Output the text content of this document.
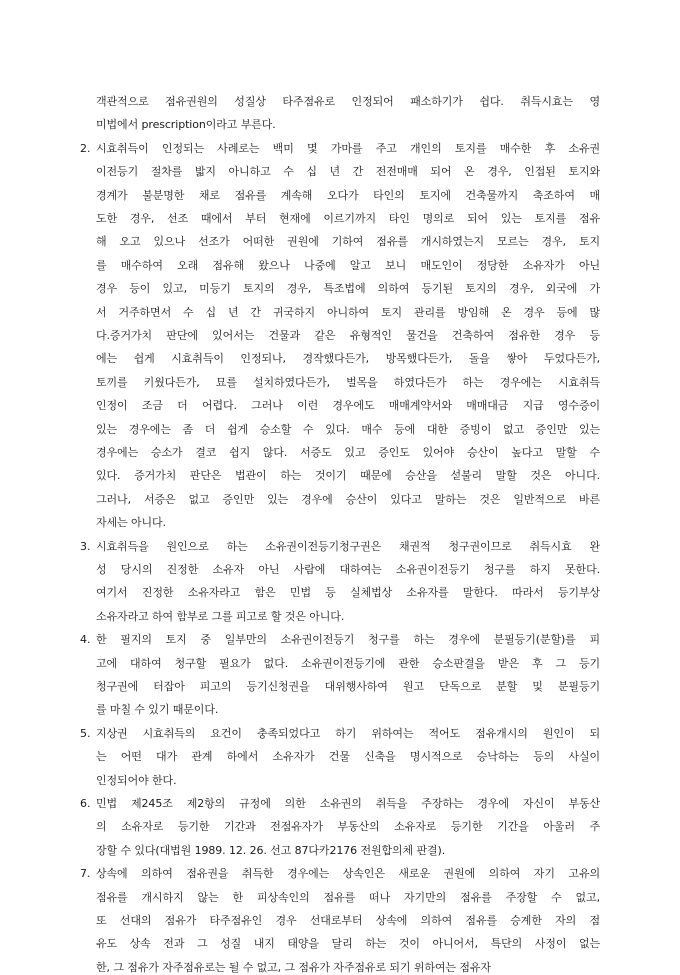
객관적으로 점유권원의 성질상 타주점유로 인정되어 패소하기가 쉽다. 취득시효는 영
미법에서 prescription이라고 부른다.
2. 시효취득이 인정되는 사례로는 백미 몇 가마를 주고 개인의 토지를 매수한 후 소유권
이전등기 절차를 밟지 아니하고 수 십 년 간 전전매매 되어 온 경우, 인접된 토지와
경계가 불분명한 채로 점유를 계속해 오다가 타인의 토지에 건축물까지 축조하여 매
도한 경우, 선조 때에서 부터 현재에 이르기까지 타인 명의로 되어 있는 토지를 점유
해 오고 있으나 선조가 어떠한 권원에 기하여 점유를 개시하였는지 모르는 경우, 토지
를 매수하여 오래 점유해 왔으나 나중에 알고 보니 매도인이 정당한 소유자가 아닌
경우 등이 있고, 미등기 토지의 경우, 특조법에 의하여 등기된 토지의 경우, 외국에 가
서 거주하면서 수 십 년 간 귀국하지 아니하여 토지 관리를 방임해 온 경우 등에 많
다.증거가치 판단에 있어서는 건물과 같은 유형적인 물건을 건축하여 점유한 경우 등
에는 쉽게 시효취득이 인정되나, 경작했다든가, 방목했다든가, 돌을 쌓아 두었다든가,
토끼를 키웠다든가, 묘를 설치하였다든가, 벌목을 하였다든가 하는 경우에는 시효취득
인정이 조금 더 어렵다. 그러나 이런 경우에도 매매계약서와 매매대금 지급 영수증이
있는 경우에는 좀 더 쉽게 승소할 수 있다. 매수 등에 대한 증빙이 없고 증인만 있는
경우에는 승소가 결코 쉽지 않다. 서증도 있고 증인도 있어야 승산이 높다고 말할 수
있다. 증거가치 판단은 법관이 하는 것이기 때문에 승산을 섣불리 말할 것은 아니다.
그러나, 서증은 없고 증인만 있는 경우에 승산이 있다고 말하는 것은 일반적으로 바른
자세는 아니다.
3. 시효취득을 원인으로 하는 소유권이전등기청구권은 채권적 청구권이므로 취득시효 완
성 당시의 진정한 소유자 아닌 사람에 대하여는 소유권이전등기 청구를 하지 못한다.
여기서 진정한 소유자라고 함은 민법 등 실체법상 소유자를 말한다. 따라서 등기부상
소유자라고 하여 함부로 그를 피고로 할 것은 아니다.
4. 한 필지의 토지 중 일부만의 소유권이전등기 청구를 하는 경우에 분필등기(분할)를 피
고에 대하여 청구할 필요가 없다. 소유권이전등기에 관한 승소판결을 받은 후 그 등기
청구권에 터잡아 피고의 등기신청권을 대위행사하여 원고 단독으로 분할 및 분필등기
를 마칠 수 있기 때문이다.
5. 지상권 시효취득의 요건이 충족되었다고 하기 위하여는 적어도 점유개시의 원인이 되
는 어떤 대가 관계 하에서 소유자가 건물 신축을 명시적으로 승낙하는 등의 사실이
인정되어야 한다.
6. 민법 제245조 제2항의 규정에 의한 소유권의 취득을 주장하는 경우에 자신이 부동산
의 소유자로 등기한 기간과 전점유자가 부동산의 소유자로 등기한 기간을 아울러 주
장할 수 있다(대법원 1989. 12. 26. 선고 87다카2176 전원합의체 판결).
7. 상속에 의하여 점유권을 취득한 경우에는 상속인은 새로운 권원에 의하여 자기 고유의
점유를 개시하지 않는 한 피상속인의 점유를 떠나 자기만의 점유를 주장할 수 없고,
또 선대의 점유가 타주점유인 경우 선대로부터 상속에 의하여 점유를 승계한 자의 점
유도 상속 전과 그 성질 내지 태양을 달리 하는 것이 아니어서, 특단의 사정이 없는
한, 그 점유가 자주점유로는 될 수 없고, 그 점유가 자주점유로 되기 위하여는 점유자
